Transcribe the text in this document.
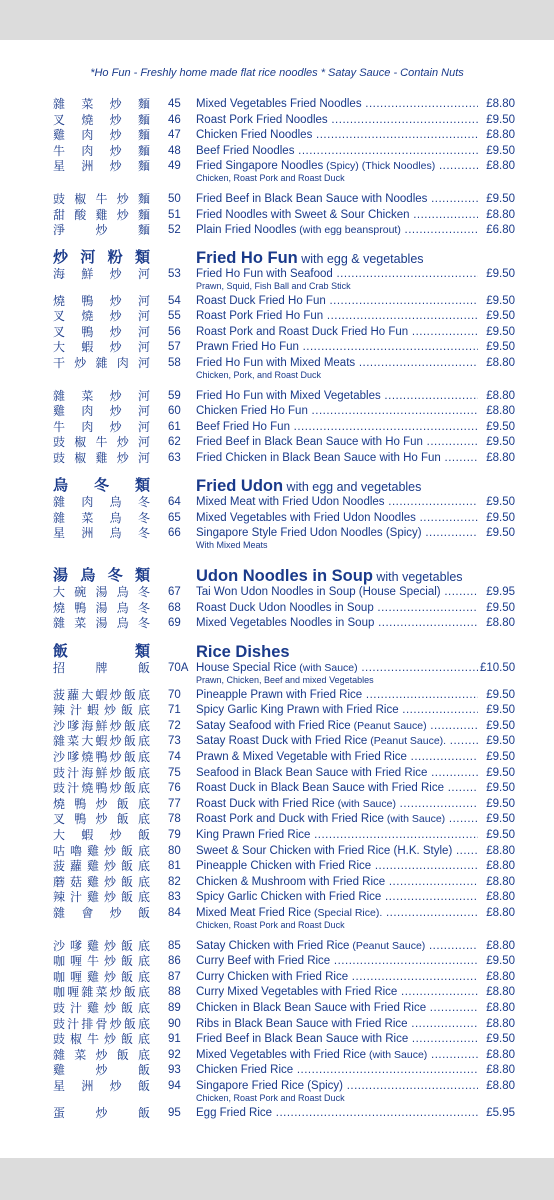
*Ho Fun - Freshly home made flat rice noodles * Satay Sauce - Contain Nuts
雜菜炒麵 45 Mixed Vegetables Fried Noodles .....	£8.80
叉燒炒麵 46 Roast Pork Fried Noodles .....	£9.50
雞肉炒麵 47 Chicken Fried Noodles .....	£8.80
牛肉炒麵 48 Beef Fried Noodles .....	£9.50
星洲炒麵 49 Fried Singapore Noodles (Spicy) (Thick Noodles) .....	£8.80
Chicken, Roast Pork and Roast Duck
豉椒牛炒麵 50 Fried Beef in Black Bean Sauce with Noodles .....	£9.50
甜酸雞炒麵 51 Fried Noodles with Sweet & Sour Chicken .....	£8.80
淨炒麵 52 Plain Fried Noodles (with egg beansprout) .....	£6.80
炒河粉類	Fried Ho Fun with egg & vegetables
海鮮炒河 53 Fried Ho Fun with Seafood .....	£9.50
Prawn, Squid, Fish Ball and Crab Stick
燒鴨炒河 54 Roast Duck Fried Ho Fun .....	£9.50
叉燒炒河 55 Roast Pork Fried Ho Fun .....	£9.50
叉鴨炒河 56 Roast Pork and Roast Duck Fried Ho Fun .....	£9.50
大蝦炒河 57 Prawn Fried Ho Fun .....	£9.50
干炒雜肉河 58 Fried Ho Fun with Mixed Meats .....	£8.80
Chicken, Pork, and Roast Duck
雜菜炒河 59 Fried Ho Fun with Mixed Vegetables .....	£8.80
雞肉炒河 60 Chicken Fried Ho Fun .....	£8.80
牛肉炒河 61 Beef Fried Ho Fun .....	£9.50
豉椒牛炒河 62 Fried Beef in Black Bean Sauce with Ho Fun .....	£9.50
豉椒雞炒河 63 Fried Chicken in Black Bean Sauce with Ho Fun .....	£8.80
烏冬類	Fried Udon with egg and vegetables
雜肉烏冬 64 Mixed Meat with Fried Udon Noodles .....	£9.50
雜菜烏冬 65 Mixed Vegetables with Fried Udon Noodles .....	£9.50
星洲烏冬 66 Singapore Style Fried Udon Noodles (Spicy) .....	£9.50
With Mixed Meats
湯烏冬類	Udon Noodles in Soup with vegetables
大碗湯烏冬 67 Tai Won Udon Noodles in Soup (House Special) .....	£9.95
燒鴨湯烏冬 68 Roast Duck Udon Noodles in Soup .....	£9.50
雜菜湯烏冬 69 Mixed Vegetables Noodles in Soup .....	£8.80
飯類	Rice Dishes
招牌飯 70A House Special Rice (with Sauce) .....	£10.50
Prawn, Chicken, Beef and mixed Vegetables
菠蘿大蝦炒飯底 70 Pineapple Prawn with Fried Rice .....	£9.50
辣汁蝦炒飯底 71 Spicy Garlic King Prawn with Fried Rice .....	£9.50
沙嗲海鮮炒飯底 72 Satay Seafood with Fried Rice (Peanut Sauce) .....	£9.50
雜菜大蝦炒飯底 73 Satay Roast Duck with Fried Rice (Peanut Sauce). .....	£9.50
沙嗲燒鴨炒飯底 74 Prawn & Mixed Vegetable with Fried Rice .....	£9.50
豉汁海鮮炒飯底 75 Seafood in Black Bean Sauce with Fried Rice .....	£9.50
豉汁燒鴨炒飯底 76 Roast Duck in Black Bean Sauce with Fried Rice .....	£9.50
燒鴨炒飯底 77 Roast Duck with Fried Rice (with Sauce) .....	£9.50
叉鴨炒飯底 78 Roast Pork and Duck with Fried Rice (with Sauce) .....	£9.50
大蝦炒飯 79 King Prawn Fried Rice .....	£9.50
咕嚕雞炒飯底 80 Sweet & Sour Chicken with Fried Rice (H.K. Style) .....	£8.80
菠蘿雞炒飯底 81 Pineapple Chicken with Fried Rice .....	£8.80
蘑菇雞炒飯底 82 Chicken & Mushroom with Fried Rice .....	£8.80
辣汁雞炒飯底 83 Spicy Garlic Chicken with Fried Rice .....	£8.80
雜會炒飯 84 Mixed Meat Fried Rice (Special Rice). .....	£8.80
Chicken, Roast Pork and Roast Duck
沙嗲雞炒飯底 85 Satay Chicken with Fried Rice (Peanut Sauce) .....	£8.80
咖喱牛炒飯底 86 Curry Beef with Fried Rice .....	£9.50
咖喱雞炒飯底 87 Curry Chicken with Fried Rice .....	£8.80
咖喱雜菜炒飯底 88 Curry Mixed Vegetables with Fried Rice .....	£8.80
豉汁雞炒飯底 89 Chicken in Black Bean Sauce with Fried Rice .....	£8.80
豉汁排骨炒飯底 90 Ribs in Black Bean Sauce with Fried Rice .....	£8.80
豉椒牛炒飯底 91 Fried Beef in Black Bean Sauce with Rice .....	£9.50
雜菜炒飯底 92 Mixed Vegetables with Fried Rice (with Sauce) .....	£8.80
雞炒飯 93 Chicken Fried Rice .....	£8.80
星洲炒飯 94 Singapore Fried Rice (Spicy) .....	£8.80
Chicken, Roast Pork and Roast Duck
蛋炒飯 95 Egg Fried Rice .....	£5.95
